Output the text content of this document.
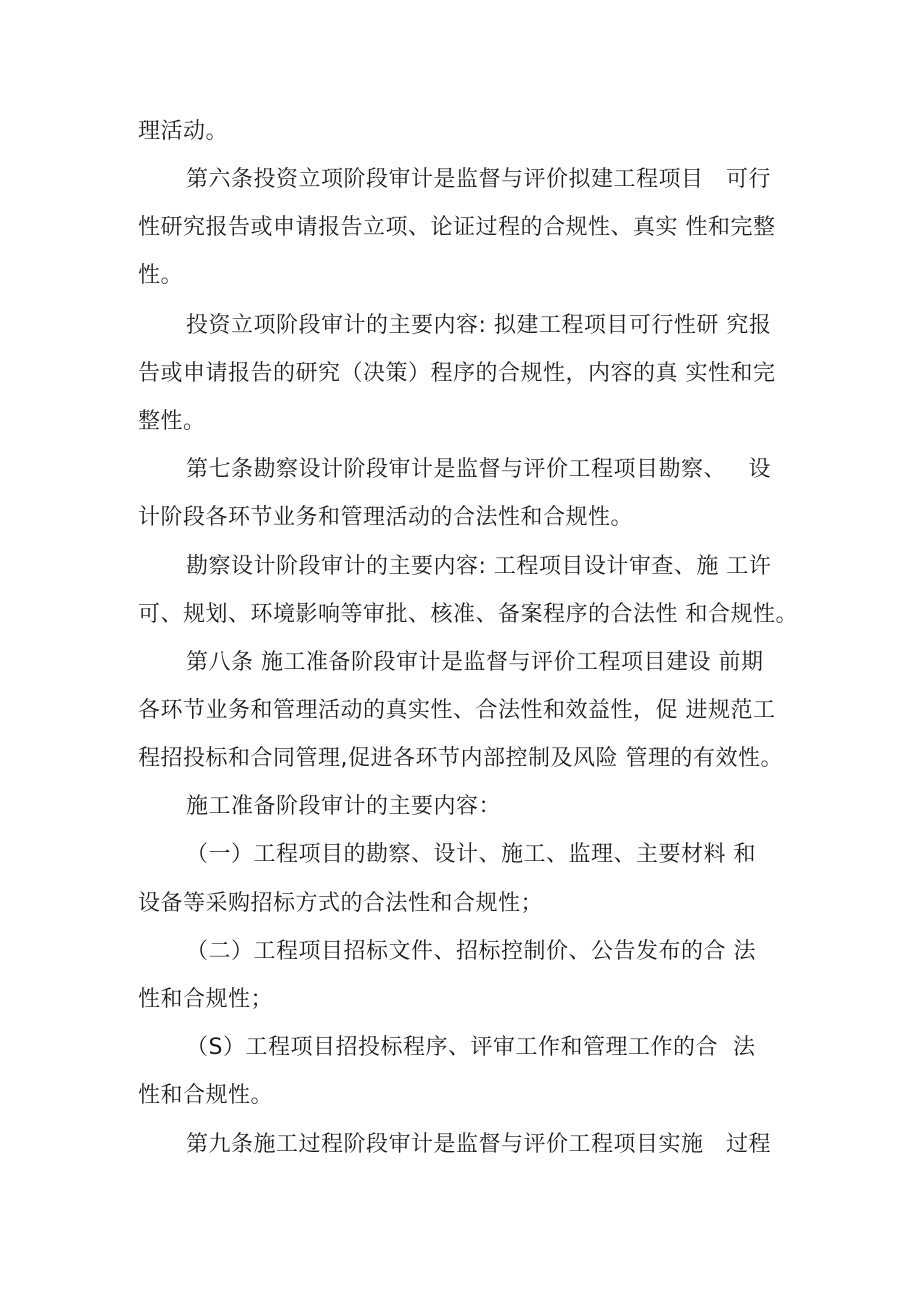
理活动。
第六条投资立项阶段审计是监督与评价拟建工程项目   可行
性研究报告或申请报告立项、论证过程的合规性、真实 性和完整
性。
投资立项阶段审计的主要内容: 拟建工程项目可行性研 究报
告或申请报告的研究（决策）程序的合规性，内容的真 实性和完
整性。
第七条勘察设计阶段审计是监督与评价工程项目勘察、   设
计阶段各环节业务和管理活动的合法性和合规性。
勘察设计阶段审计的主要内容: 工程项目设计审查、施 工许
可、规划、环境影响等审批、核准、备案程序的合法性 和合规性。
第八条 施工准备阶段审计是监督与评价工程项目建设 前期
各环节业务和管理活动的真实性、合法性和效益性，促 进规范工
程招投标和合同管理,促进各环节内部控制及风险 管理的有效性。
施工准备阶段审计的主要内容：
（一）工程项目的勘察、设计、施工、监理、主要材料 和
设备等采购招标方式的合法性和合规性；
（二）工程项目招标文件、招标控制价、公告发布的合 法
性和合规性；
（S）工程项目招投标程序、评审工作和管理工作的合  法
性和合规性。
第九条施工过程阶段审计是监督与评价工程项目实施   过程
